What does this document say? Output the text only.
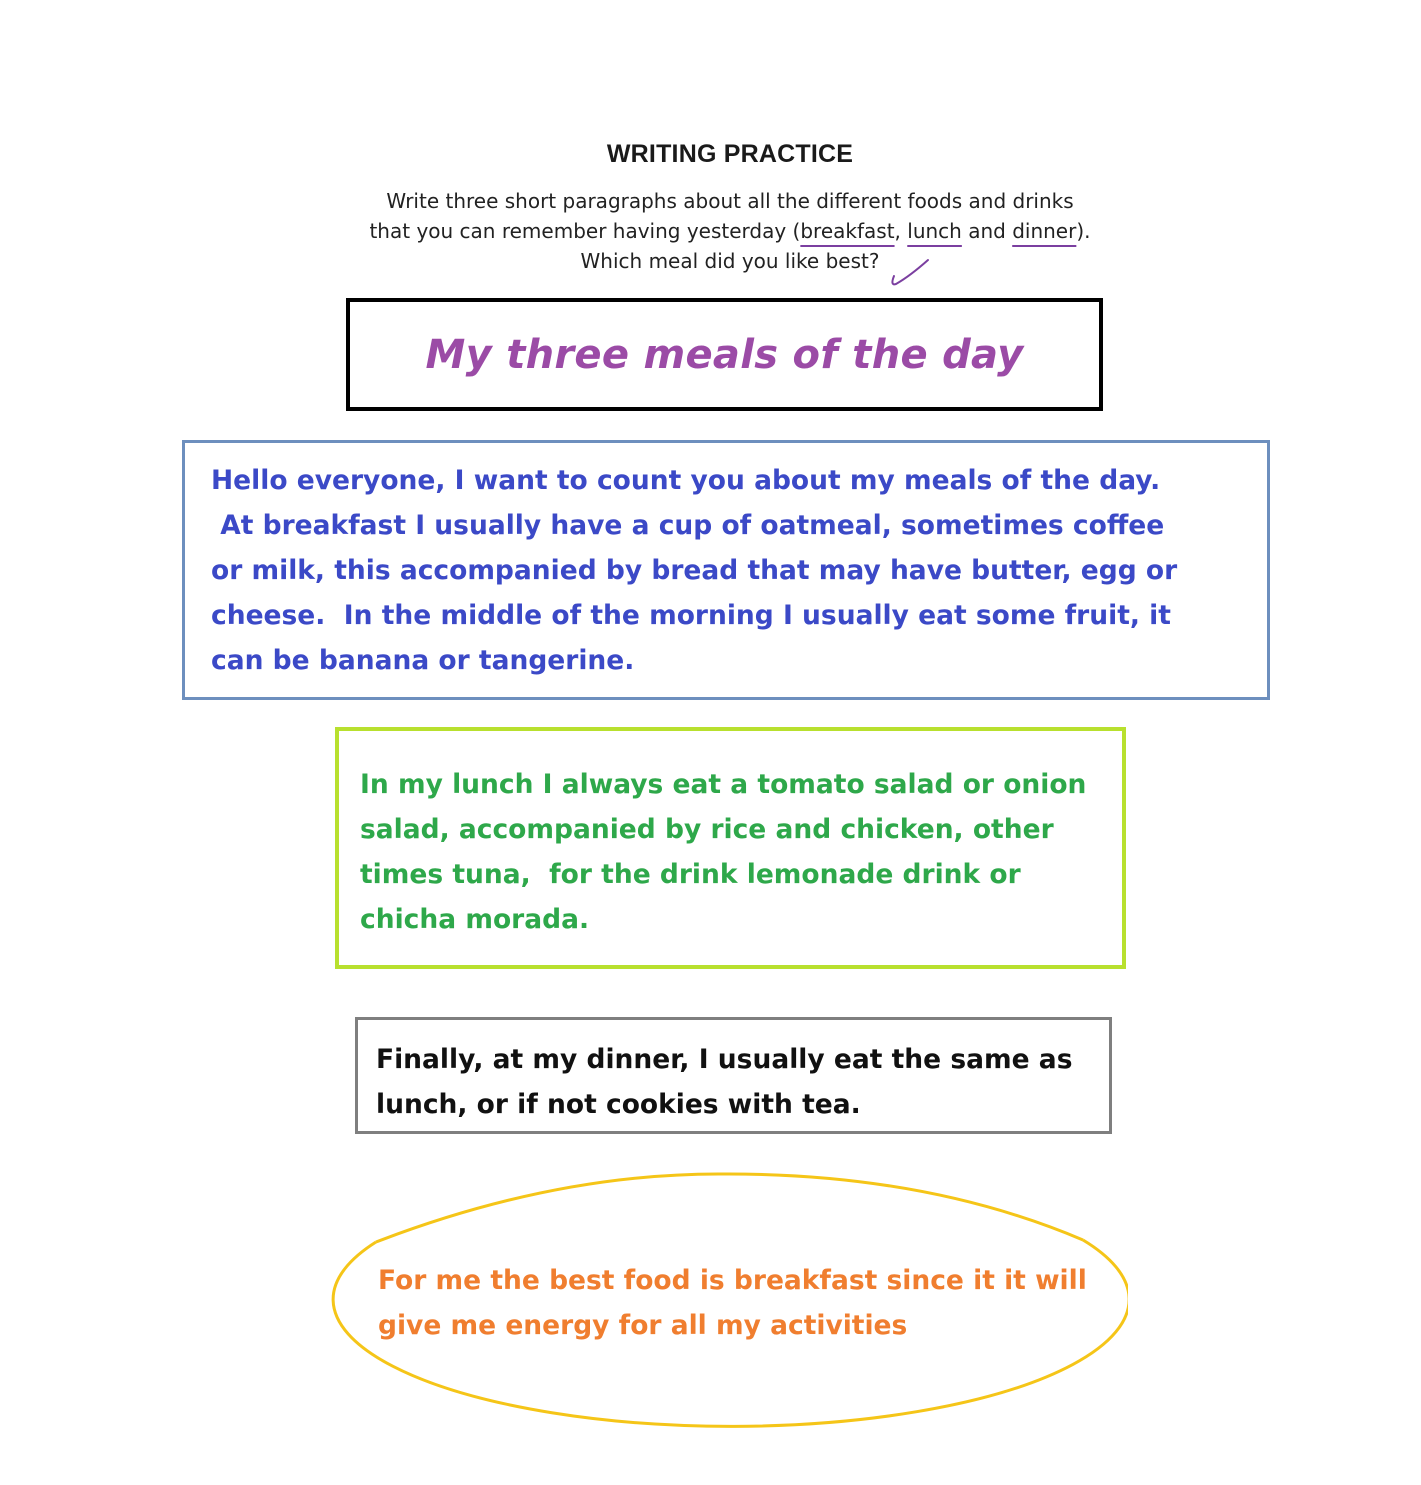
WRITING PRACTICE
Write three short paragraphs about all the different foods and drinks
that you can remember having yesterday (breakfast, lunch and dinner).
Which meal did you like best?
My three meals of the day
Hello everyone, I want to count you about my meals of the day.
At breakfast I usually have a cup of oatmeal, sometimes coffee
or milk, this accompanied by bread that may have butter, egg or
cheese.  In the middle of the morning I usually eat some fruit, it
can be banana or tangerine.
In my lunch I always eat a tomato salad or onion
salad, accompanied by rice and chicken, other
times tuna,  for the drink lemonade drink or
chicha morada.
Finally, at my dinner, I usually eat the same as
lunch, or if not cookies with tea.
For me the best food is breakfast since it it will
give me energy for all my activities
